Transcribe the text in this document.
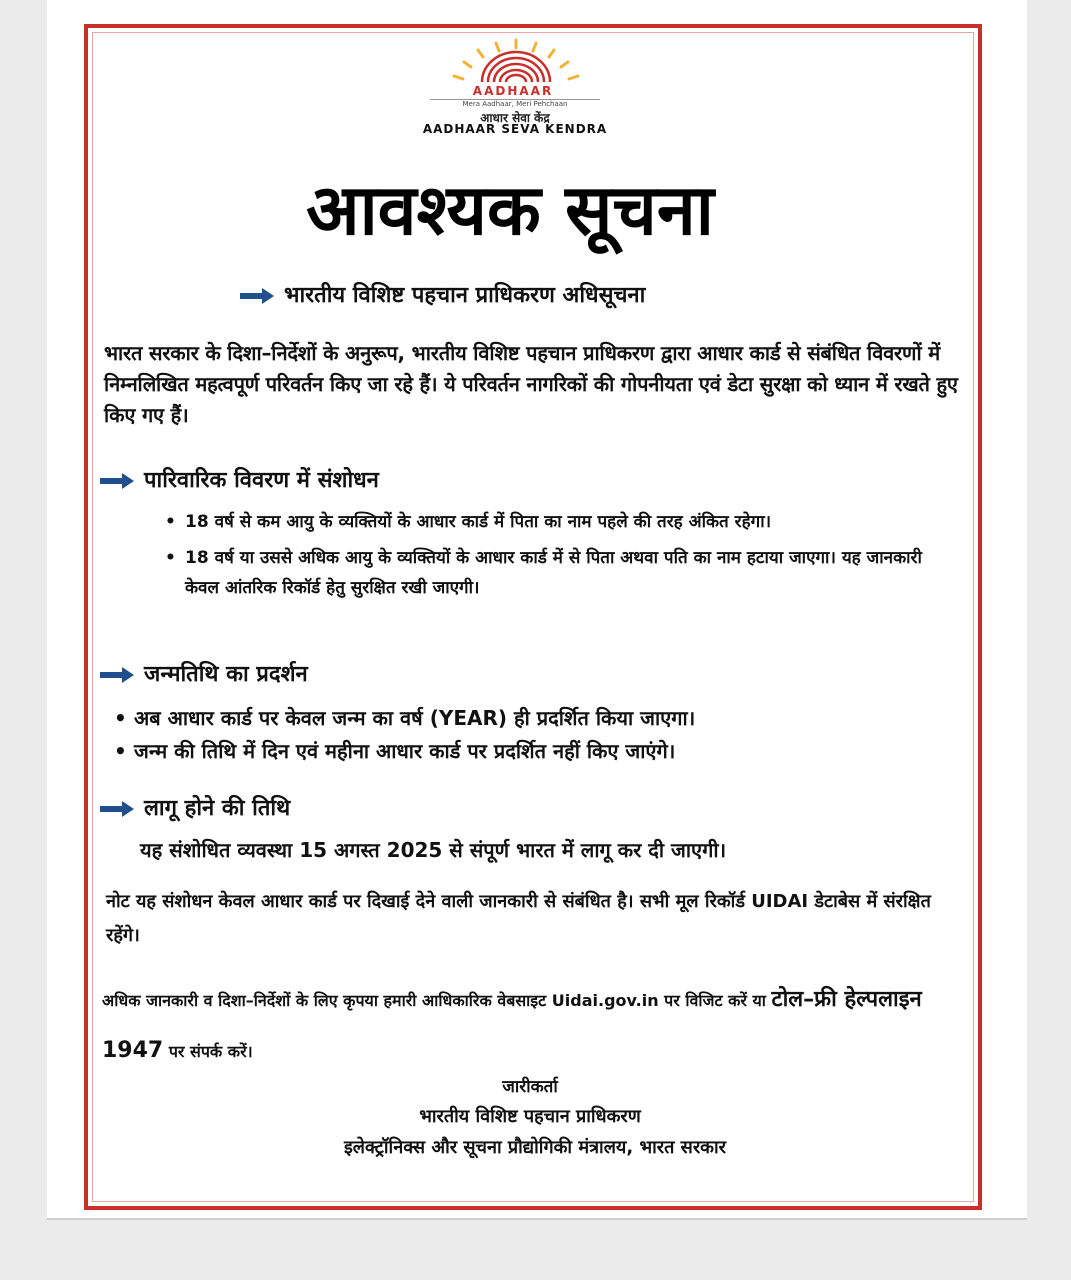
AADHAAR
Mera Aadhaar, Meri Pehchaan
आधार सेवा केंद्र
AADHAAR SEVA KENDRA
आवश्यक सूचना
भारतीय विशिष्ट पहचान प्राधिकरण अधिसूचना
भारत सरकार के दिशा–निर्देशों के अनुरूप, भारतीय विशिष्ट पहचान प्राधिकरण द्वारा आधार कार्ड से संबंधित विवरणों में निम्नलिखित महत्वपूर्ण परिवर्तन किए जा रहे हैं। ये परिवर्तन नागरिकों की गोपनीयता एवं डेटा सुरक्षा को ध्यान में रखते हुए किए गए हैं।
पारिवारिक विवरण में संशोधन
• 18 वर्ष से कम आयु के व्यक्तियों के आधार कार्ड में पिता का नाम पहले की तरह अंकित रहेगा।
• 18 वर्ष या उससे अधिक आयु के व्यक्तियों के आधार कार्ड में से पिता अथवा पति का नाम हटाया जाएगा। यह जानकारी केवल आंतरिक रिकॉर्ड हेतु सुरक्षित रखी जाएगी।
जन्मतिथि का प्रदर्शन
• अब आधार कार्ड पर केवल जन्म का वर्ष (YEAR) ही प्रदर्शित किया जाएगा।
• जन्म की तिथि में दिन एवं महीना आधार कार्ड पर प्रदर्शित नहीं किए जाएंगे।
लागू होने की तिथि
यह संशोधित व्यवस्था 15 अगस्त 2025 से संपूर्ण भारत में लागू कर दी जाएगी।
नोट यह संशोधन केवल आधार कार्ड पर दिखाई देने वाली जानकारी से संबंधित है। सभी मूल रिकॉर्ड UIDAI डेटाबेस में संरक्षित रहेंगे।
अधिक जानकारी व दिशा–निर्देशों के लिए कृपया हमारी आधिकारिक वेबसाइट Uidai.gov.in पर विजिट करें या टोल–फ्री हेल्पलाइन 1947 पर संपर्क करें।
जारीकर्ता
भारतीय विशिष्ट पहचान प्राधिकरण
इलेक्ट्रॉनिक्स और सूचना प्रौद्योगिकी मंत्रालय, भारत सरकार
